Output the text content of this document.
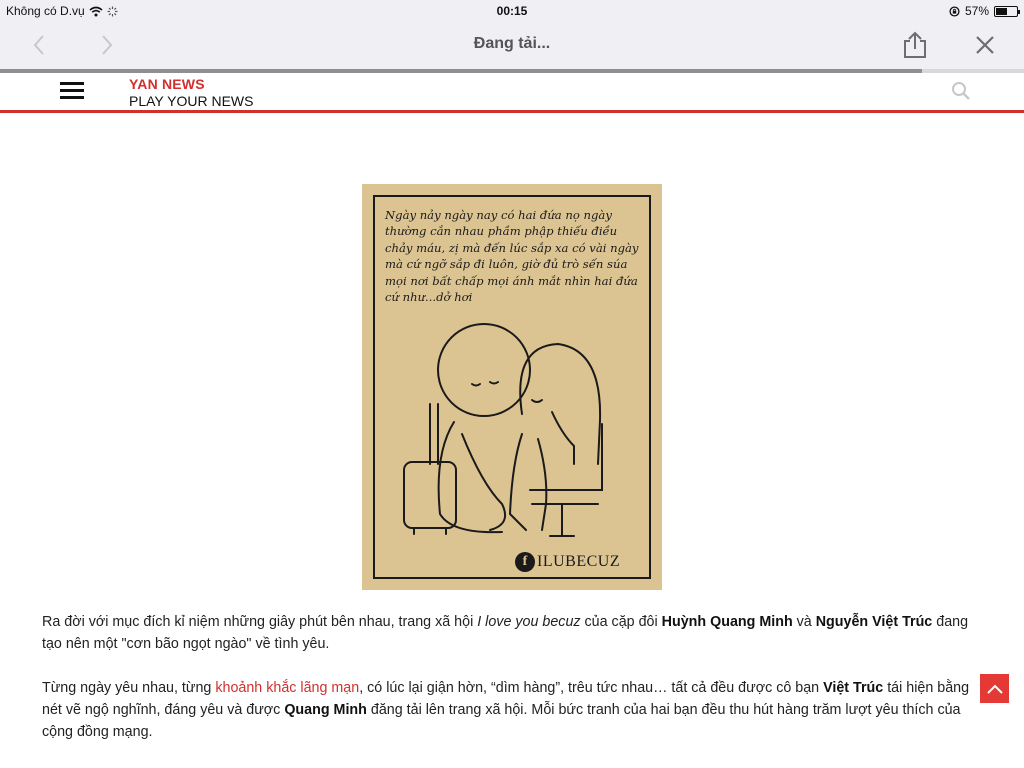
Không có D.vụ	00:15	57%
Đang tải...
YAN NEWS
PLAY YOUR NEWS
Ngày nảy ngày nay có hai đứa nọ ngày thường cắn nhau phầm phập thiếu điều chảy máu, zị mà đến lúc sắp xa có vài ngày mà cứ ngỡ sắp đi luôn, giờ đủ trò sến súa mọi nơi bất chấp mọi ánh mắt nhìn hai đứa cứ như...dở hơi
f ILUBECUZ

Ra đời với mục đích kỉ niệm những giây phút bên nhau, trang xã hội I love you becuz của cặp đôi Huỳnh Quang Minh và Nguyễn Việt Trúc đang tạo nên một "cơn bão ngọt ngào" về tình yêu.

Từng ngày yêu nhau, từng khoảnh khắc lãng mạn, có lúc lại giận hờn, “dìm hàng”, trêu tức nhau… tất cả đều được cô bạn Việt Trúc tái hiện bằng nét vẽ ngộ nghĩnh, đáng yêu và được Quang Minh đăng tải lên trang xã hội. Mỗi bức tranh của hai bạn đều thu hút hàng trăm lượt yêu thích của cộng đồng mạng.
